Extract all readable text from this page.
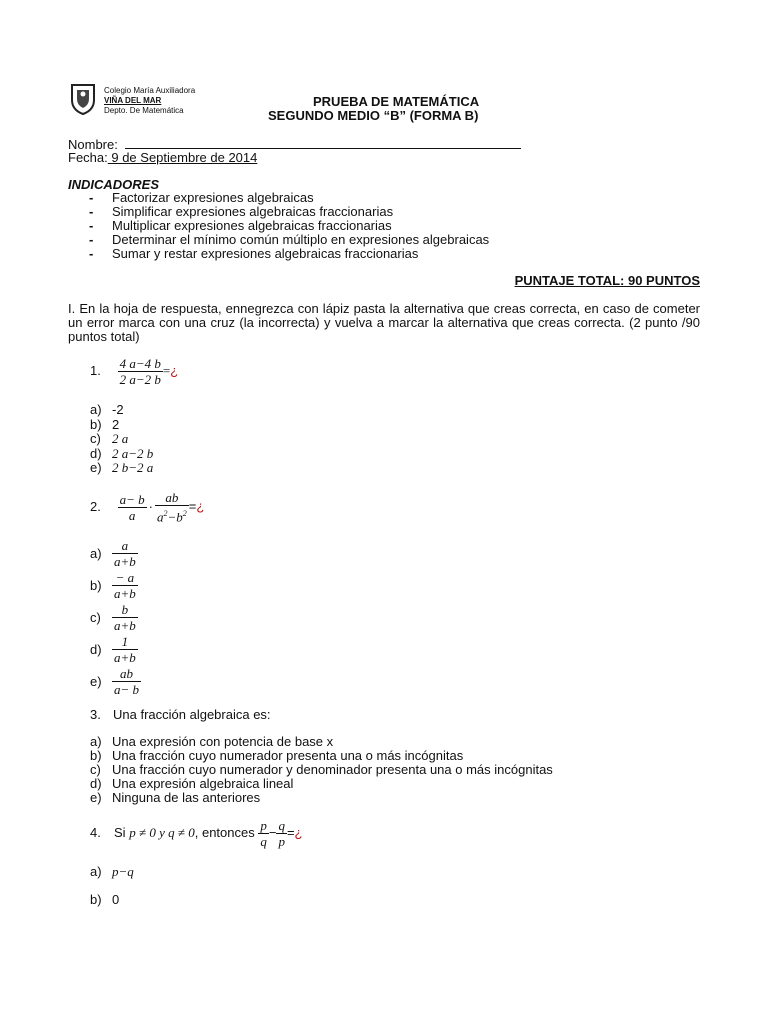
Colegio María Auxiliadora
VIÑA DEL MAR
Depto. De Matemática
PRUEBA DE MATEMÁTICA
SEGUNDO MEDIO “B” (FORMA B)
Nombre:
Fecha: 9 de Septiembre de 2014
INDICADORES
- Factorizar expresiones algebraicas
- Simplificar expresiones algebraicas fraccionarias
- Multiplicar expresiones algebraicas fraccionarias
- Determinar el mínimo común múltiplo en expresiones algebraicas
- Sumar y restar expresiones algebraicas fraccionarias
PUNTAJE TOTAL: 90 PUNTOS
I. En la hoja de respuesta, ennegrezca con lápiz pasta la alternativa que creas correcta, en caso de cometer un error marca con una cruz (la incorrecta) y vuelva a marcar la alternativa que creas correcta. (2 punto /90 puntos total)
1. $\frac{4 a-4 b}{2 a-2 b}$ =¿
a) -2
b) 2
c) 2 a
d) 2 a−2 b
e) 2 b−2 a
2. $\frac{a- b}{a} \cdot \frac{ab}{a^2-b^2}$ =¿
$a) \frac{a}{a+b}$
$b) \frac{- a}{a+b}$
$c) \frac{b}{a+b}$
$d) \frac{1}{a+b}$
$e) \frac{ab}{a- b}$
3. Una fracción algebraica es:
a) Una expresión con potencia de base x
b) Una fracción cuyo numerador presenta una o más incógnitas
c) Una fracción cuyo numerador y denominador presenta una o más incógnitas
d) Una expresión algebraica lineal
e) Ninguna de las anteriores
4. Si p ≠ 0 y q ≠ 0, entonces $\frac{p}{q} - \frac{q}{p}$ =¿
a) p−q
b) 0
